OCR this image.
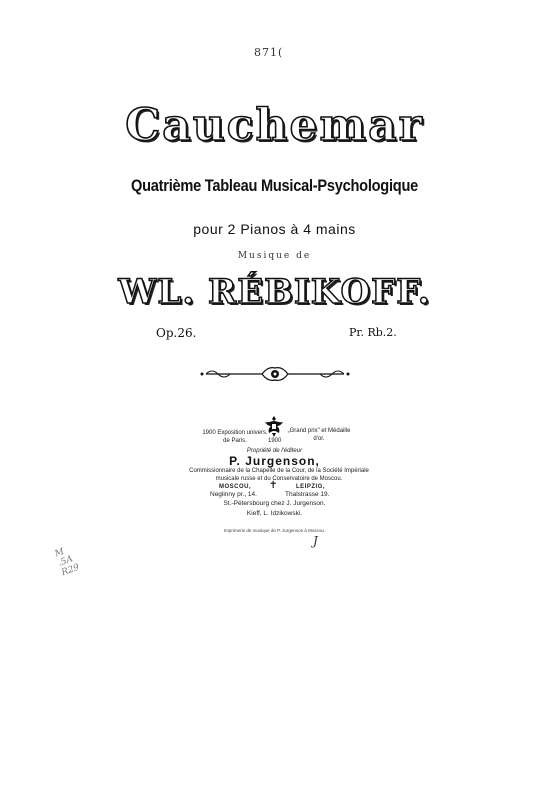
871(
Cauchemar
Quatrième Tableau Musical-Psychologique
pour 2 Pianos à 4 mains
Musique de
WL. RÉBIKOFF.
Op.26.	Pr. Rb.2.
1900 Exposition univers. de Paris.	1900
„Grand prix" et Médaille d'or.
Propriété de l'éditeur
P. Jurgenson,
Commissionnaire de la Chapelle de la Cour, de la Société Impériale musicale russe et du Conservatoire de Moscou.
MOSCOU,	LEIPZIG,
✝
Neglinny pr., 14.	Thalstrasse 19.
St.-Pétersbourg chez J. Jurgenson.
Kieff, L. Idzikowski.
Imprimerie de musique de P. Jurgenson à Moscou.
J
M
.5A
R29
